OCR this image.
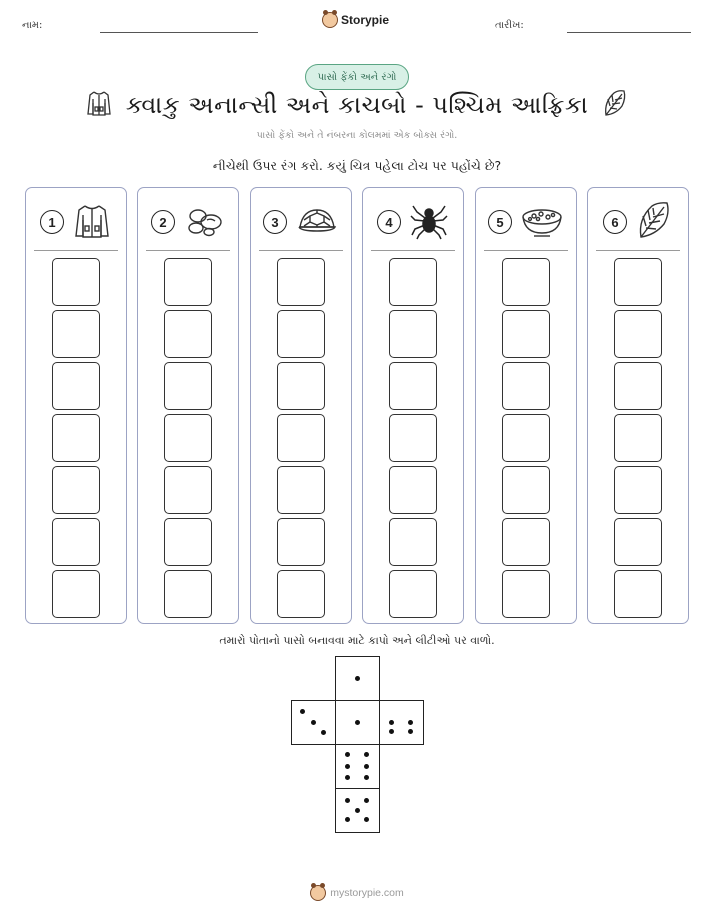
નામ:	Storypie	તારીખ:
પાસો ફેંકો અને રંગો
ક્વાકુ અનાન્સી અને કાચબો - પશ્ચિમ આફ્રિકા
પાસો ફેંકો અને તે નંબરના કોલમમાં એક બોક્સ રંગો.
નીચેથી ઉપર રંગ કરો. કયું ચિત્ર પહેલા ટોચ પર પહોંચે છે?
1	2	3	4	5	6
તમારો પોતાનો પાસો બનાવવા માટે કાપો અને લીટીઓ પર વાળો.
mystorypie.com
